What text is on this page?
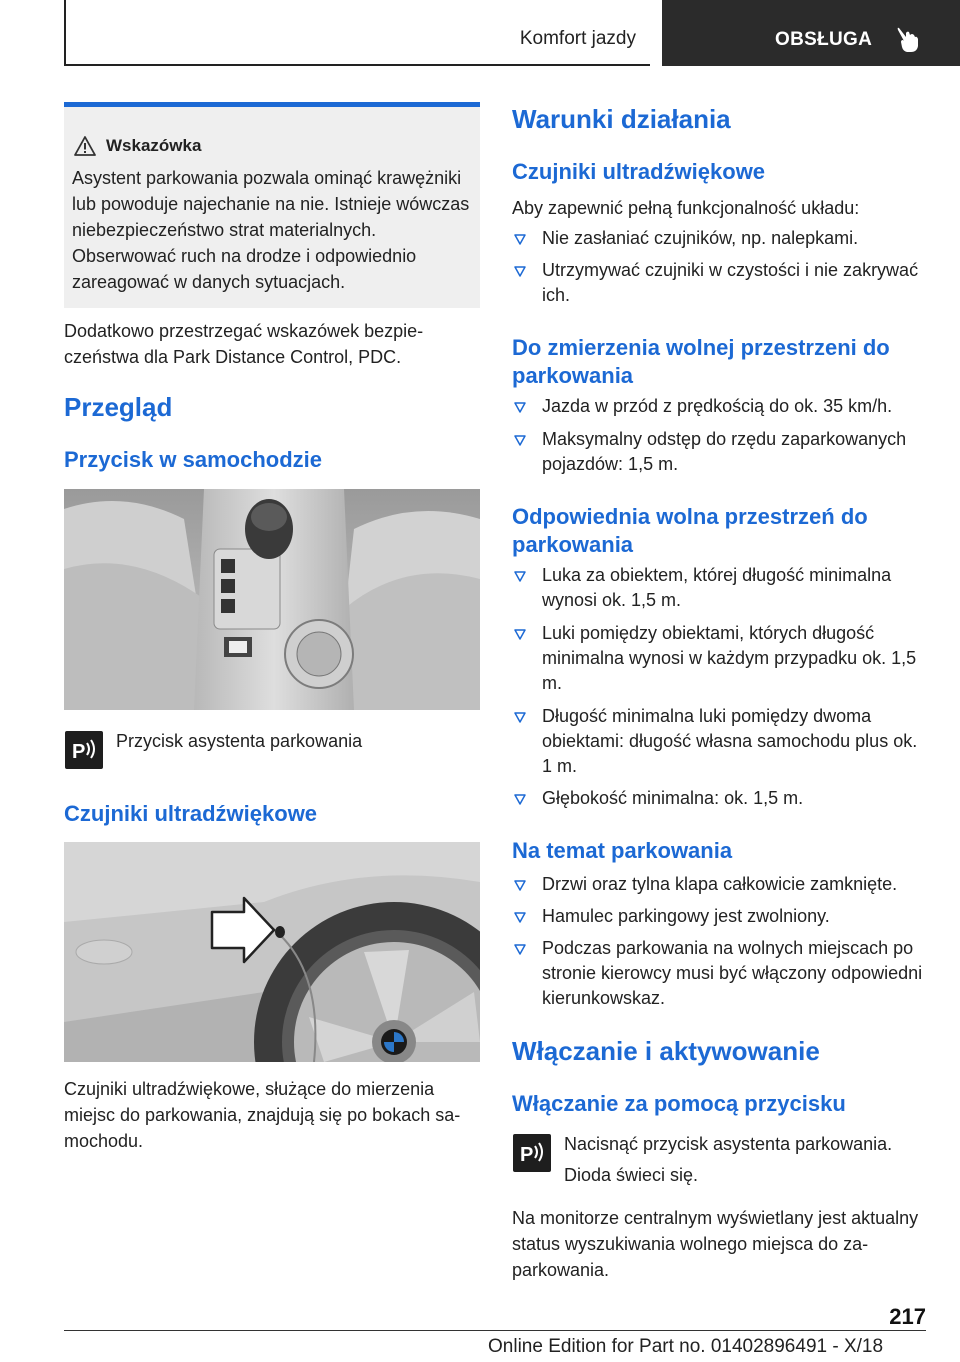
Komfort jazdy	OBSŁUGA
Wskazówka
Asystent parkowania pozwala ominąć krawężniki lub powoduje najechanie na nie. Istnieje wówczas niebezpieczeństwo strat materialnych. Obserwować ruch na drodze i odpowiednio zareagować w danych sytuacjach.
Dodatkowo przestrzegać wskazówek bezpieczeństwa dla Park Distance Control, PDC.
Przegląd
Przycisk w samochodzie
P Przycisk asystenta parkowania
Czujniki ultradźwiękowe
Czujniki ultradźwiękowe, służące do mierzenia miejsc do parkowania, znajdują się po bokach samochodu.
Warunki działania
Czujniki ultradźwiękowe
Aby zapewnić pełną funkcjonalność układu:
Nie zasłaniać czujników, np. nalepkami.
Utrzymywać czujniki w czystości i nie zakrywać ich.
Do zmierzenia wolnej przestrzeni do parkowania
Jazda w przód z prędkością do ok. 35 km/h.
Maksymalny odstęp do rzędu zaparkowanych pojazdów: 1,5 m.
Odpowiednia wolna przestrzeń do parkowania
Luka za obiektem, której długość minimalna wynosi ok. 1,5 m.
Luki pomiędzy obiektami, których długość minimalna wynosi w każdym przypadku ok. 1,5 m.
Długość minimalna luki pomiędzy dwoma obiektami: długość własna samochodu plus ok. 1 m.
Głębokość minimalna: ok. 1,5 m.
Na temat parkowania
Drzwi oraz tylna klapa całkowicie zamknięte.
Hamulec parkingowy jest zwolniony.
Podczas parkowania na wolnych miejscach po stronie kierowcy musi być włączony odpowiedni kierunkowskaz.
Włączanie i aktywowanie
Włączanie za pomocą przycisku
P Nacisnąć przycisk asystenta parkowania.
Dioda świeci się.
Na monitorze centralnym wyświetlany jest aktualny status wyszukiwania wolnego miejsca do zaparkowania.
217
Online Edition for Part no. 01402896491 - X/18
